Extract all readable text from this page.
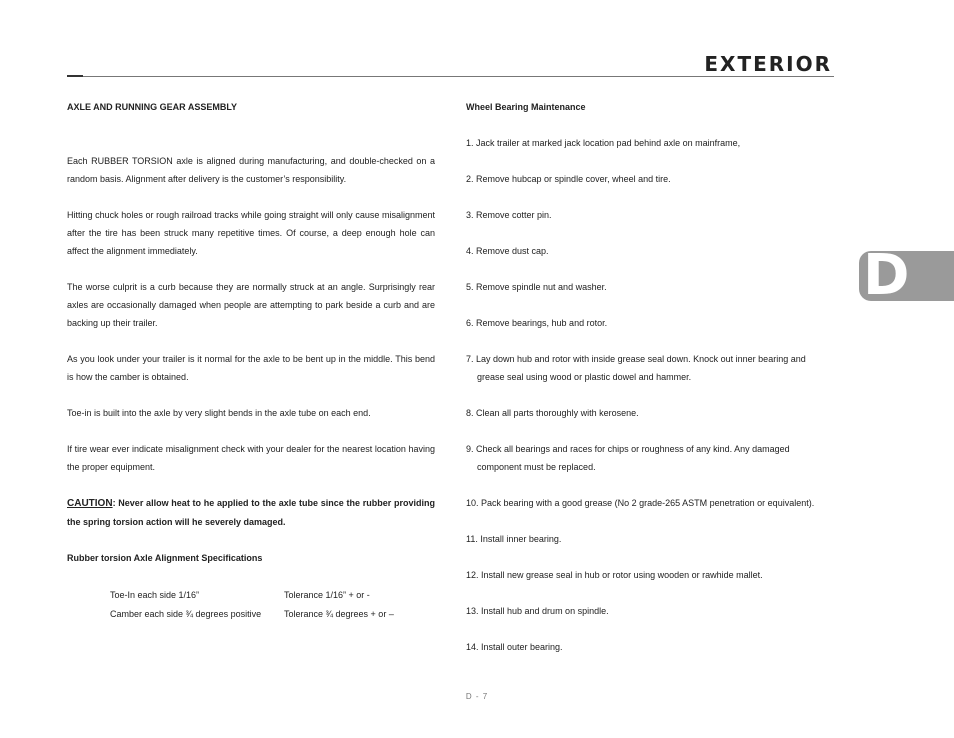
EXTERIOR
AXLE AND RUNNING GEAR ASSEMBLY

Each RUBBER TORSION axle is aligned during manufacturing, and double-checked on a random basis. Alignment after delivery is the customer’s responsibility.

Hitting chuck holes or rough railroad tracks while going straight will only cause misalignment after the tire has been struck many repetitive times. Of course, a deep enough hole can affect the alignment immediately.

The worse culprit is a curb because they are normally struck at an angle. Surprisingly rear axles are occasionally damaged when people are attempting to park beside a curb and are backing up their trailer.

As you look under your trailer is it normal for the axle to be bent up in the middle. This bend is how the camber is obtained.

Toe-in is built into the axle by very slight bends in the axle tube on each end.

If tire wear ever indicate misalignment check with your dealer for the nearest location having the proper equipment.

CAUTION: Never allow heat to he applied to the axle tube since the rubber providing the spring torsion action will he severely damaged.

Rubber torsion Axle Alignment Specifications
Toe-In each side 1/16”	Tolerance 1/16” + or -
Camber each side ¾ degrees positive	Tolerance ¾ degrees + or –
Wheel Bearing Maintenance
1. Jack trailer at marked jack location pad behind axle on mainframe,
2. Remove hubcap or spindle cover, wheel and tire.
3. Remove cotter pin.
4. Remove dust cap.
5. Remove spindle nut and washer.
6. Remove bearings, hub and rotor.
7. Lay down hub and rotor with inside grease seal down. Knock out inner bearing and
grease seal using wood or plastic dowel and hammer.
8. Clean all parts thoroughly with kerosene.
9. Check all bearings and races for chips or roughness of any kind. Any damaged
component must be replaced.
10. Pack bearing with a good grease (No 2 grade-265 ASTM penetration or equivalent).
11. Install inner bearing.
12. Install new grease seal in hub or rotor using wooden or rawhide mallet.
13. Install hub and drum on spindle.
14. Install outer bearing.
D
D - 7
